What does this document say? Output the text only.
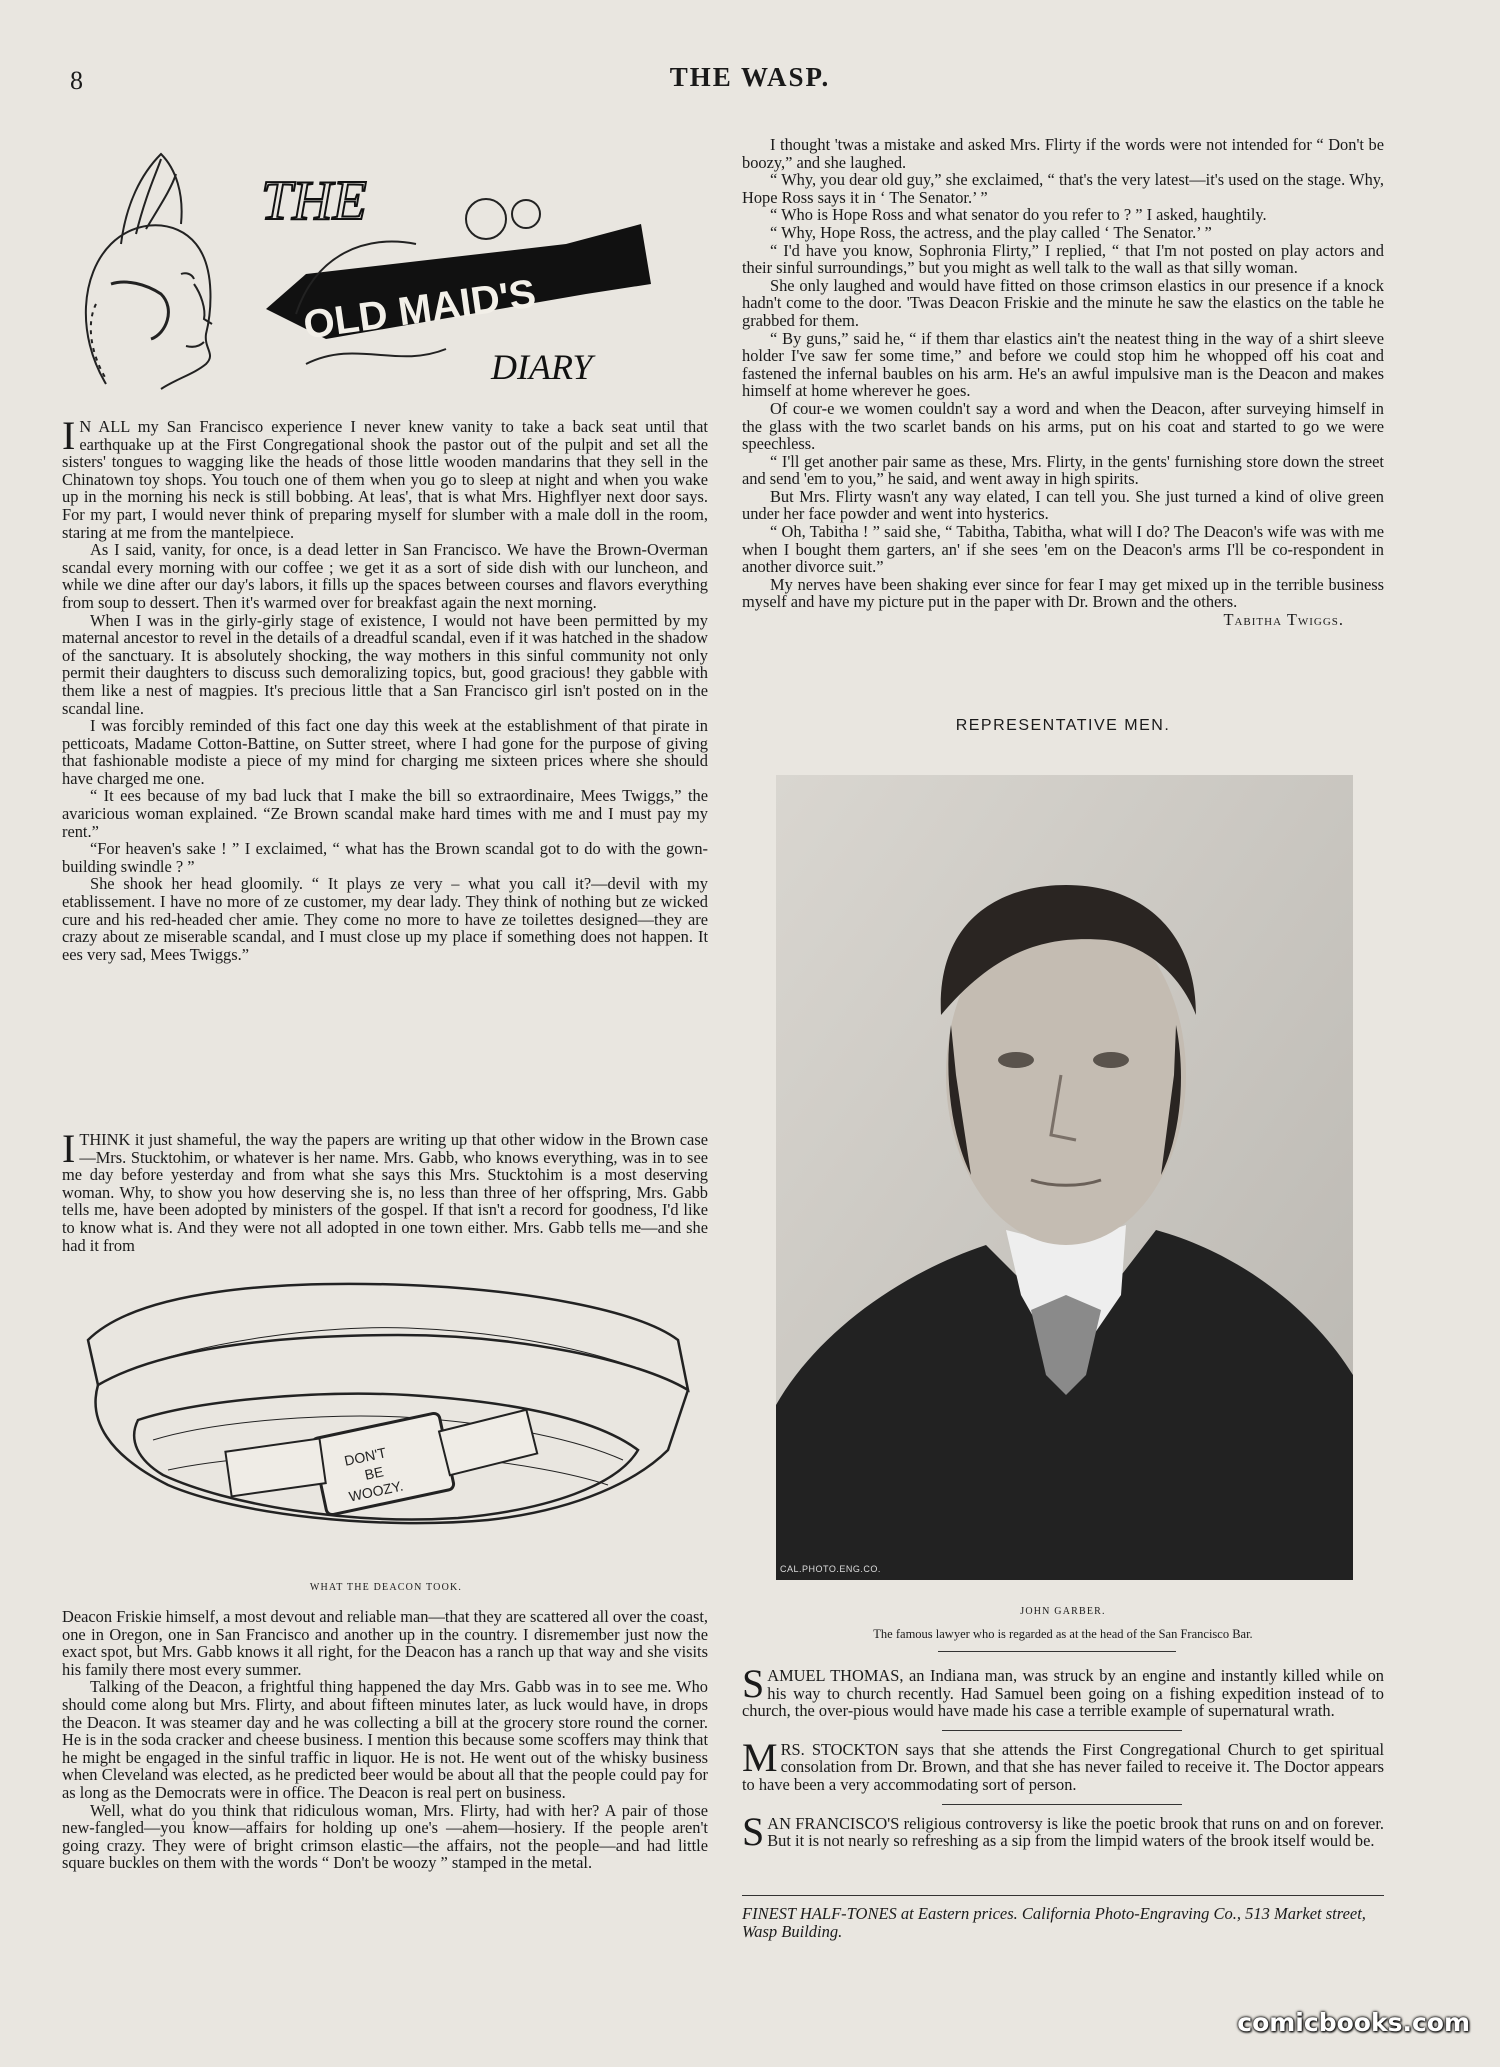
8	THE WASP.
THE
OLD MAID'S
DIARY

IN ALL my San Francisco experience I never knew vanity to take a back seat until that earthquake up at the First Congregational shook the pastor out of the pulpit and set all the sisters' tongues to wagging like the heads of those little wooden mandarins that they sell in the Chinatown toy shops. You touch one of them when you go to sleep at night and when you wake up in the morning his neck is still bobbing. At leas', that is what Mrs. Highflyer next door says. For my part, I would never think of preparing myself for slumber with a male doll in the room, staring at me from the mantelpiece.

As I said, vanity, for once, is a dead letter in San Francisco. We have the Brown-Overman scandal every morning with our coffee ; we get it as a sort of side dish with our luncheon, and while we dine after our day's labors, it fills up the spaces between courses and flavors everything from soup to dessert. Then it's warmed over for breakfast again the next morning.

When I was in the girly-girly stage of existence, I would not have been permitted by my maternal ancestor to revel in the details of a dreadful scandal, even if it was hatched in the shadow of the sanctuary. It is absolutely shocking, the way mothers in this sinful community not only permit their daughters to discuss such demoralizing topics, but, good gracious! they gabble with them like a nest of magpies. It's precious little that a San Francisco girl isn't posted on in the scandal line.

I was forcibly reminded of this fact one day this week at the establishment of that pirate in petticoats, Madame Cotton-Battine, on Sutter street, where I had gone for the purpose of giving that fashionable modiste a piece of my mind for charging me sixteen prices where she should have charged me one.

“ It ees because of my bad luck that I make the bill so extraordinaire, Mees Twiggs,” the avaricious woman explained. “Ze Brown scandal make hard times with me and I must pay my rent.”

“For heaven's sake ! ” I exclaimed, “ what has the Brown scandal got to do with the gown-building swindle ? ”

She shook her head gloomily. “ It plays ze very – what you call it?—devil with my etablissement. I have no more of ze customer, my dear lady. They think of nothing but ze wicked cure and his red-headed cher amie. They come no more to have ze toilettes designed—they are crazy about ze miserable scandal, and I must close up my place if something does not happen. It ees very sad, Mees Twiggs.”

ITHINK it just shameful, the way the papers are writing up that other widow in the Brown case—Mrs. Stucktohim, or whatever is her name. Mrs. Gabb, who knows everything, was in to see me day before yesterday and from what she says this Mrs. Stucktohim is a most deserving woman. Why, to show you how deserving she is, no less than three of her offspring, Mrs. Gabb tells me, have been adopted by ministers of the gospel. If that isn't a record for goodness, I'd like to know what is. And they were not all adopted in one town either. Mrs. Gabb tells me—and she had it from

DON'T
BE
WOOZY.
WHAT THE DEACON TOOK.

Deacon Friskie himself, a most devout and reliable man—that they are scattered all over the coast, one in Oregon, one in San Francisco and another up in the country. I disremember just now the exact spot, but Mrs. Gabb knows it all right, for the Deacon has a ranch up that way and she visits his family there most every summer.

Talking of the Deacon, a frightful thing happened the day Mrs. Gabb was in to see me. Who should come along but Mrs. Flirty, and about fifteen minutes later, as luck would have, in drops the Deacon. It was steamer day and he was collecting a bill at the grocery store round the corner. He is in the soda cracker and cheese business. I mention this because some scoffers may think that he might be engaged in the sinful traffic in liquor. He is not. He went out of the whisky business when Cleveland was elected, as he predicted beer would be about all that the people could pay for as long as the Democrats were in office. The Deacon is real pert on business.

Well, what do you think that ridiculous woman, Mrs. Flirty, had with her? A pair of those new-fangled—you know—affairs for holding up one's —ahem—hosiery. If the people aren't going crazy. They were of bright crimson elastic—the affairs, not the people—and had little square buckles on them with the words “ Don't be woozy ” stamped in the metal.

I thought 'twas a mistake and asked Mrs. Flirty if the words were not intended for “ Don't be boozy,” and she laughed.

“ Why, you dear old guy,” she exclaimed, “ that's the very latest—it's used on the stage. Why, Hope Ross says it in ‘ The Senator.’ ”

“ Who is Hope Ross and what senator do you refer to ? ” I asked, haughtily.

“ Why, Hope Ross, the actress, and the play called ‘ The Senator.’ ”

“ I'd have you know, Sophronia Flirty,” I replied, “ that I'm not posted on play actors and their sinful surroundings,” but you might as well talk to the wall as that silly woman.

She only laughed and would have fitted on those crimson elastics in our presence if a knock hadn't come to the door. 'Twas Deacon Friskie and the minute he saw the elastics on the table he grabbed for them.

“ By guns,” said he, “ if them thar elastics ain't the neatest thing in the way of a shirt sleeve holder I've saw fer some time,” and before we could stop him he whopped off his coat and fastened the infernal baubles on his arm. He's an awful impulsive man is the Deacon and makes himself at home wherever he goes.

Of cour-e we women couldn't say a word and when the Deacon, after surveying himself in the glass with the two scarlet bands on his arms, put on his coat and started to go we were speechless.

“ I'll get another pair same as these, Mrs. Flirty, in the gents' furnishing store down the street and send 'em to you,” he said, and went away in high spirits.

But Mrs. Flirty wasn't any way elated, I can tell you. She just turned a kind of olive green under her face powder and went into hysterics.

“ Oh, Tabitha ! ” said she, “ Tabitha, Tabitha, what will I do? The Deacon's wife was with me when I bought them garters, an' if she sees 'em on the Deacon's arms I'll be co-respondent in another divorce suit.”

My nerves have been shaking ever since for fear I may get mixed up in the terrible business myself and have my picture put in the paper with Dr. Brown and the others.

Tabitha Twiggs.

REPRESENTATIVE MEN.
CAL.PHOTO.ENG.CO.
JOHN GARBER.
The famous lawyer who is regarded as at the head of the San Francisco Bar.

SAMUEL THOMAS, an Indiana man, was struck by an engine and instantly killed while on his way to church recently. Had Samuel been going on a fishing expedition instead of to church, the over-pious would have made his case a terrible example of supernatural wrath.

MRS. STOCKTON says that she attends the First Congregational Church to get spiritual consolation from Dr. Brown, and that she has never failed to receive it. The Doctor appears to have been a very accommodating sort of person.

SAN FRANCISCO'S religious controversy is like the poetic brook that runs on and on forever. But it is not nearly so refreshing as a sip from the limpid waters of the brook itself would be.

FINEST HALF-TONES at Eastern prices. California Photo-Engraving Co., 513 Market street, Wasp Building.
comicbooks.com
